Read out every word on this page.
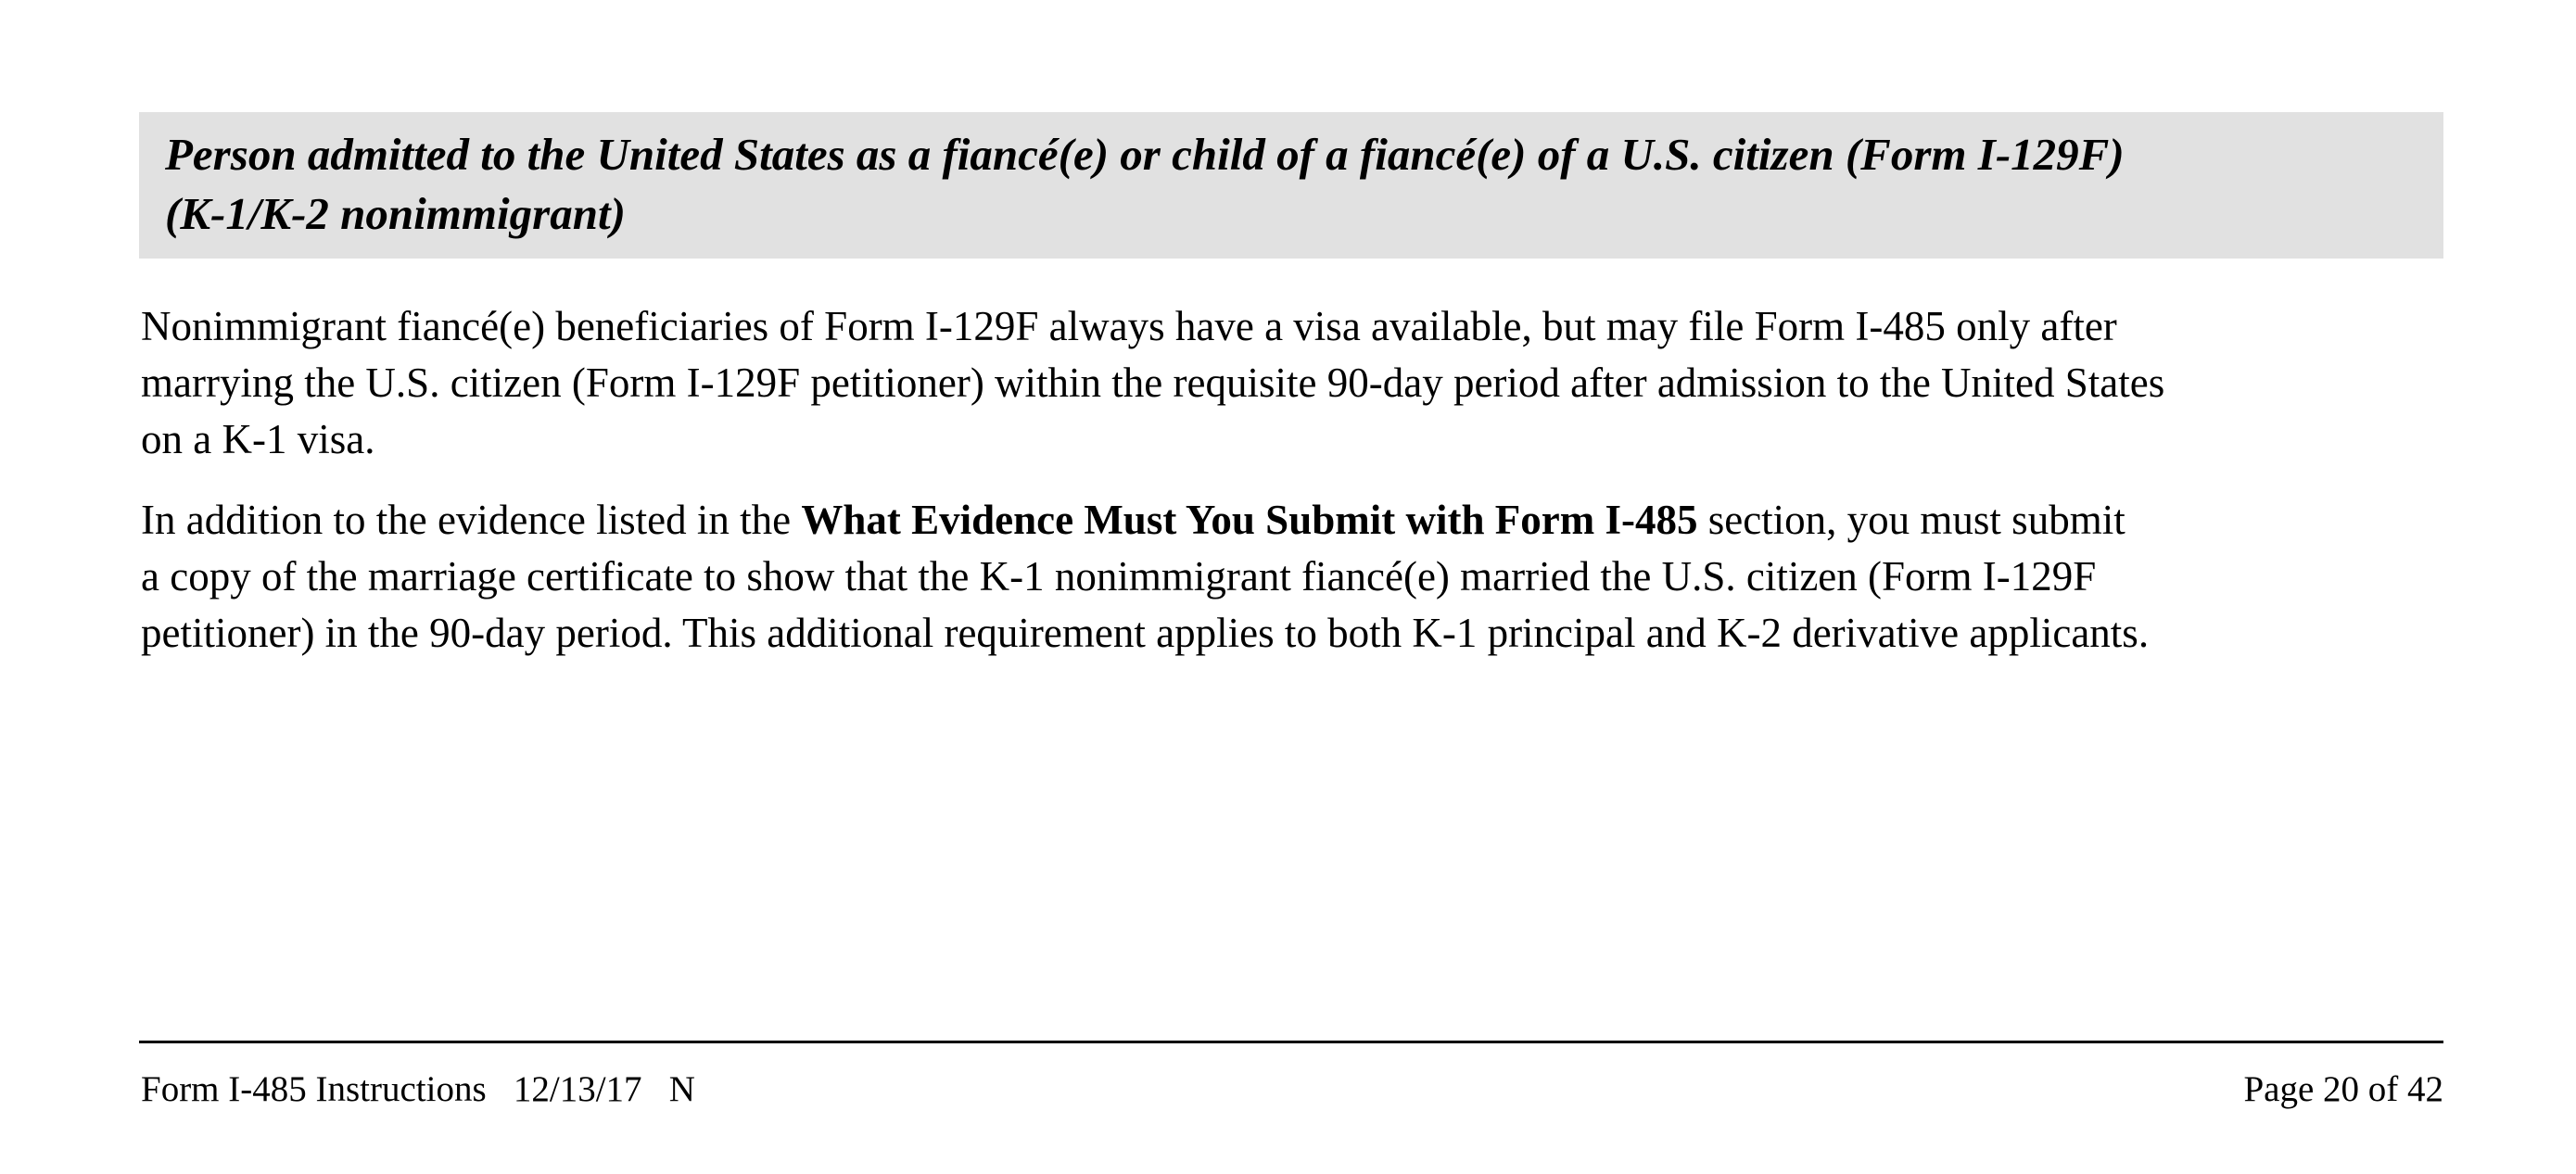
Person admitted to the United States as a fiancé(e) or child of a fiancé(e) of a U.S. citizen (Form I-129F)
(K-1/K-2 nonimmigrant)

Nonimmigrant fiancé(e) beneficiaries of Form I-129F always have a visa available, but may file Form I-485 only after
marrying the U.S. citizen (Form I-129F petitioner) within the requisite 90-day period after admission to the United States
on a K-1 visa.

In addition to the evidence listed in the What Evidence Must You Submit with Form I-485 section, you must submit
a copy of the marriage certificate to show that the K-1 nonimmigrant fiancé(e) married the U.S. citizen (Form I-129F
petitioner) in the 90-day period. This additional requirement applies to both K-1 principal and K-2 derivative applicants.

Form I-485 Instructions   12/13/17   N	Page 20 of 42
